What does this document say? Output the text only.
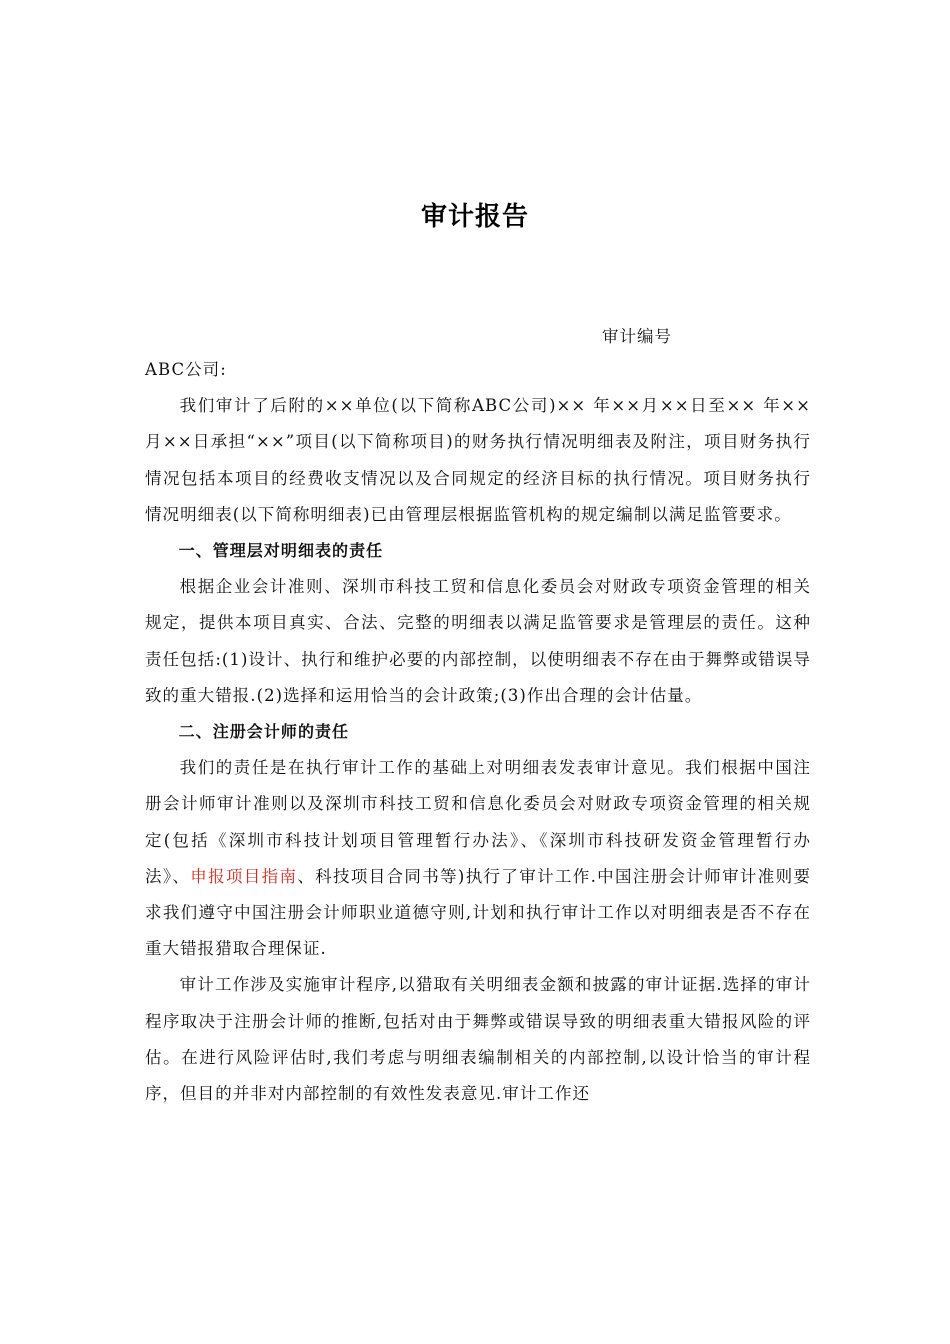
审计报告
审计编号

ABC公司:

我们审计了后附的××单位(以下简称ABC公司)×× 年××月××日至×× 年××月××日承担“××”项目(以下简称项目)的财务执行情况明细表及附注，项目财务执行情况包括本项目的经费收支情况以及合同规定的经济目标的执行情况。项目财务执行情况明细表(以下简称明细表)已由管理层根据监管机构的规定编制以满足监管要求。

一、管理层对明细表的责任

根据企业会计准则、深圳市科技工贸和信息化委员会对财政专项资金管理的相关规定，提供本项目真实、合法、完整的明细表以满足监管要求是管理层的责任。这种责任包括:(1)设计、执行和维护必要的内部控制，以使明细表不存在由于舞弊或错误导致的重大错报.(2)选择和运用恰当的会计政策;(3)作出合理的会计估量。

二、注册会计师的责任

我们的责任是在执行审计工作的基础上对明细表发表审计意见。我们根据中国注册会计师审计准则以及深圳市科技工贸和信息化委员会对财政专项资金管理的相关规定(包括《深圳市科技计划项目管理暂行办法》、《深圳市科技研发资金管理暂行办法》、申报项目指南、科技项目合同书等)执行了审计工作.中国注册会计师审计准则要求我们遵守中国注册会计师职业道德守则,计划和执行审计工作以对明细表是否不存在重大错报猎取合理保证.

审计工作涉及实施审计程序,以猎取有关明细表金额和披露的审计证据.选择的审计程序取决于注册会计师的推断,包括对由于舞弊或错误导致的明细表重大错报风险的评估。在进行风险评估时,我们考虑与明细表编制相关的内部控制,以设计恰当的审计程序，但目的并非对内部控制的有效性发表意见.审计工作还
